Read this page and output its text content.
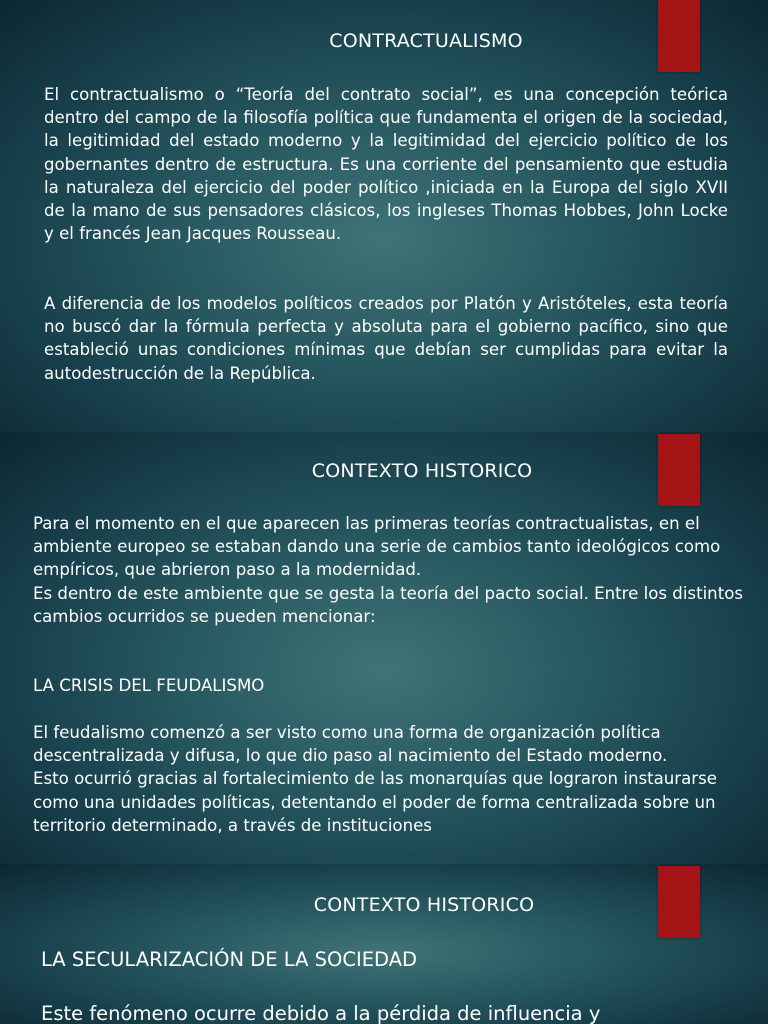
CONTRACTUALISMO

El contractualismo o “Teoría del contrato social”, es una concepción teórica dentro del campo de la filosofía política que fundamenta el origen de la sociedad, la legitimidad del estado moderno y la legitimidad del ejercicio político de los gobernantes dentro de estructura. Es una corriente del pensamiento que estudia la naturaleza del ejercicio del poder político ,iniciada en la Europa del siglo XVII de la mano de sus pensadores clásicos, los ingleses Thomas Hobbes, John Locke y el francés Jean Jacques Rousseau.

A diferencia de los modelos políticos creados por Platón y Aristóteles, esta teoría no buscó dar la fórmula perfecta y absoluta para el gobierno pacífico, sino que estableció unas condiciones mínimas que debían ser cumplidas para evitar la autodestrucción de la República.

CONTEXTO HISTORICO

Para el momento en el que aparecen las primeras teorías contractualistas, en el ambiente europeo se estaban dando una serie de cambios tanto ideológicos como empíricos, que abrieron paso a la modernidad.
Es dentro de este ambiente que se gesta la teoría del pacto social. Entre los distintos cambios ocurridos se pueden mencionar:

LA CRISIS DEL FEUDALISMO

El feudalismo comenzó a ser visto como una forma de organización política descentralizada y difusa, lo que dio paso al nacimiento del Estado moderno.
Esto ocurrió gracias al fortalecimiento de las monarquías que lograron instaurarse como una unidades políticas, detentando el poder de forma centralizada sobre un territorio determinado, a través de instituciones

CONTEXTO HISTORICO

LA SECULARIZACIÓN DE LA SOCIEDAD

Este fenómeno ocurre debido a la pérdida de influencia y
